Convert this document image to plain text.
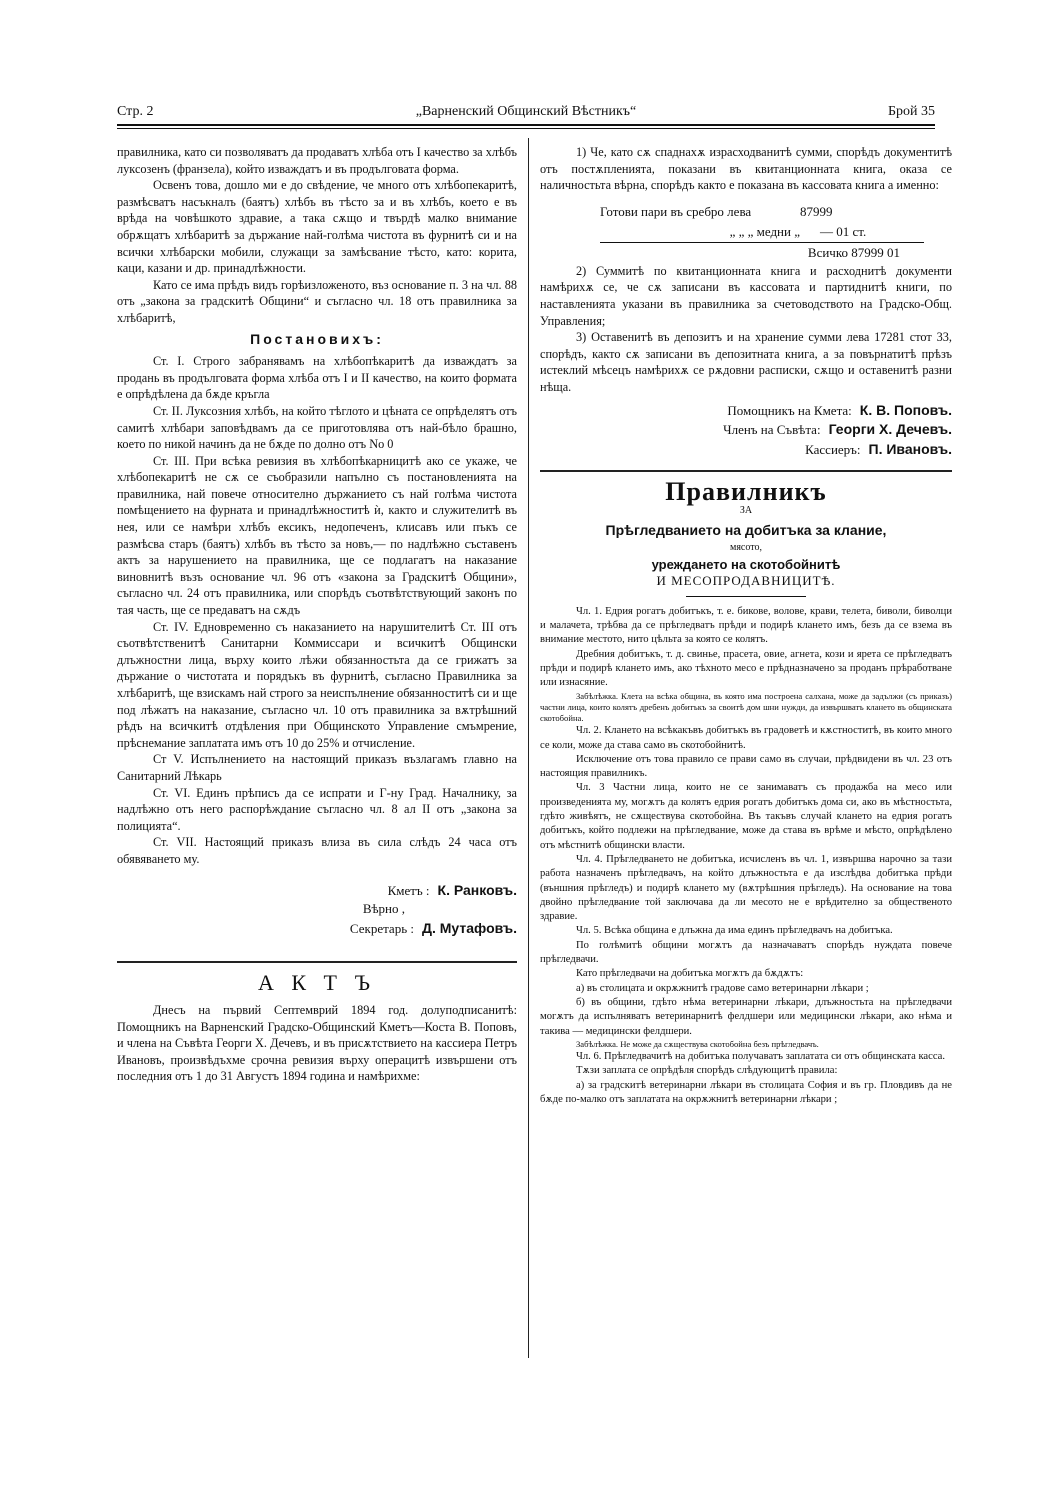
Стр. 2	„Варненский Общинский Вѣстникъ“	Брой 35

правилника, като си позволяватъ да продаватъ хлѣба отъ I качество за хлѣбъ луксозенъ (франзела), който изваждатъ и въ продълговата форма.

Освенъ това, дошло ми е до свѣдение, че много отъ хлѣбопекаритѣ, размѣсватъ насъкналъ (баятъ) хлѣбъ въ тѣсто за и въ хлѣбъ, което е въ врѣда на човѣшкото здравие, а така сѫщо и твърдѣ малко внимание обрѫщатъ хлѣбаритѣ за държание най-голѣма чистота въ фурнитѣ си и на всички хлѣбарски мобили, служащи за замѣсвание тѣсто, като: корита, каци, казани и др. принадлѣжности.

Като се има прѣдъ видъ горѣизложеното, въз основание п. 3 на чл. 88 отъ „закона за градскитѣ Общини“ и съгласно чл. 18 отъ правилника за хлѣбаритѣ,

Постановихъ:

Ст. I. Строго забранявамъ на хлѣбопѣкаритѣ да изваждатъ за продань въ продълговата форма хлѣба отъ I и II качество, на които формата е опрѣдѣлена да бѫде кръгла

Ст. II. Луксозния хлѣбъ, на който тѣглото и цѣната се опрѣделятъ отъ самитѣ хлѣбари заповѣдвамъ да се приготовлява отъ най-бѣло брашно, което по никой начинъ да не бѫде по долно отъ No 0

Ст. III. При всѣка ревизия въ хлѣбопѣкарницитѣ ако се укаже, че хлѣбопекаритѣ не сѫ се съобразили напълно съ постановленията на правилника, най повече относително държанието съ най голѣма чистота помѣщението на фурната и принадлѣжноститѣ ѝ, както и служителитѣ въ нея, или се намѣри хлѣбъ ексикъ, недопеченъ, клисавъ или пъкъ се размѣсва старъ (баятъ) хлѣбъ въ тѣсто за новъ,— по надлѣжно съставенъ актъ за нарушението на правилника, ще се подлагатъ на наказание виновнитѣ възъ основание чл. 96 отъ «закона за Градскитѣ Общини», съгласно чл. 24 отъ правилника, или спорѣдъ съотвѣтствующий законъ по тая часть, ще се предаватъ на сѫдъ

Ст. IV. Едновременно съ наказанието на нарушителитѣ Ст. III отъ съотвѣтственитѣ Санитарни Коммиссари и всичкитѣ Общински длъжностни лица, върху които лѣжи обязанностьта да се грижатъ за държание о чистотата и порядъкъ въ фурнитѣ, съгласно Правилника за хлѣбаритѣ, ще взискамъ най строго за неиспълнение обязанноститѣ си и ще под лѣжатъ на наказание, съгласно чл. 10 отъ правилника за вѫтрѣшний рѣдъ на всичкитѣ отдѣления при Общинското Управление смъмрение, прѣснемание заплатата имъ отъ 10 до 25% и отчисление.

Ст V. Испълнението на настоящий приказъ възлагамъ главно на Санитарний Лѣкарь

Ст. VI. Единъ прѣписъ да се испрати и Г-ну Град. Началнику, за надлѣжно отъ него распорѣждание съгласно чл. 8 ал II отъ „закона за полицията“.

Ст. VII. Настоящий приказъ влиза въ сила слѣдъ 24 часа отъ обявяването му.

Кметъ : К. Ранковъ.
Вѣрно ,
Секретарь : Д. Мутафовъ.
А К Т Ъ

Днесъ на първий Септемврий 1894 год. долуподписанитѣ: Помощникъ на Варненский Градско-Общинский Кметъ—Коста В. Поповъ, и члена на Съвѣта Георги Х. Дечевъ, и въ присѫтствието на кассиера Петръ Ивановъ, произвѣдъхме срочна ревизия върху операцитѣ извършени отъ последния отъ 1 до 31 Августъ 1894 година и намѣрихме:

1) Че, като сѫ спаднахѫ израсходванитѣ сумми, спорѣдъ документитѣ отъ постѫпленията, показани въ квитанционната книга, оказа се наличностьта вѣрна, спорѣдъ както е показана въ кассовата книга а именно:

Готови пари въ сребро лева	87999
„ „ „ медни „	— 01 ст.
Всичко 87999 01

2) Суммитѣ по квитанционната книга и расходнитѣ документи намѣрихѫ се, че сѫ записани въ кассовата и партиднитѣ книги, по наставленията указани въ правилника за счетоводството на Градско-Общ. Управления;

3) Оставенитѣ въ депозитъ и на хранение сумми лева 17281 стот 33, спорѣдъ, както сѫ записани въ депозитната книга, а за повърнатитѣ прѣзъ истеклий мѣсецъ намѣрихѫ се рѫдовни расписки, сѫщо и оставенитѣ разни нѣща.

Помощникъ на Кмета: К. В. Поповъ.
Членъ на Съвѣта: Георги Х. Дечевъ.
Кассиеръ: П. Ивановъ.
Правилникъ
ЗА
Прѣгледванието на добитъка за клание,
мясото,
уреждането на скотобойнитѣ
И МЕСОПРОДАВНИЦИТѢ.

Чл. 1. Едрия рогатъ добитъкъ, т. е. бикове, волове, крави, телета, биволи, биволци и малачета, трѣбва да се прѣгледватъ прѣди и подирѣ клането имъ, безъ да се взема въ внимание местото, нито цѣльта за която се колятъ.

Дребния добитъкъ, т. д. свинье, прасета, овие, агнета, кози и ярета се прѣгледватъ прѣди и подирѣ клането имъ, ако тѣхното месо е прѣдназначено за проданъ прѣработване или изнасяние.

Забѣлѣжка. Клета на всѣка община, въ която има построена салхана, може да задължи (съ приказъ) частни лица, които колятъ дребенъ добитъкъ за своитѣ дом шни нужди, да извършватъ клането въ общинската скотобойна.

Чл. 2. Клането на всѣкакъвъ добитъкъ въ градоветѣ и кѫстноститѣ, въ които много се коли, може да става само въ скотобойнитѣ.

Исключение отъ това правило се прави само въ случаи, прѣдвидени въ чл. 23 отъ настоящия правилникъ.

Чл. 3 Частни лица, които не се занимаватъ съ продажба на месо или произведенията му, могѫтъ да колятъ едрия рогатъ добитъкъ дома си, ако въ мѣстностьта, гдѣто живѣятъ, не сѫществува скотобойна. Въ такъвъ случай клането на едрия рогатъ добитъкъ, който подлежи на прѣгледвание, може да става въ врѣме и мѣсто, опрѣдѣлено отъ мѣстнитѣ общински власти.

Чл. 4. Прѣгледването не добитъка, исчисленъ въ чл. 1, извършва нарочно за тази работа назначенъ прѣгледвачъ, на който длъжностьта е да изслѣдва добитъка прѣди (външния прѣгледъ) и подирѣ клането му (вѫтрѣшния прѣгледъ). На основание на това двойно прѣгледвание той заключава да ли месото не е врѣдително за общественото здравие.

Чл. 5. Всѣка община е длъжна да има единъ прѣгледвачъ на добитъка.

По голѣмитѣ общини могѫтъ да назначаватъ спорѣдъ нуждата повече прѣгледвачи.

Като прѣгледвачи на добитъка могѫтъ да бѫдѫтъ:

а) въ столицата и окрѫжнитѣ градове само ветеринарни лѣкари ;

б) въ общини, гдѣто нѣма ветеринарни лѣкари, длъжностьта на прѣгледвачи могѫтъ да испълняватъ ветеринарнитѣ фелдшери или медицински лѣкари, ако нѣма и такива — медицински фелдшери.

Забѣлѣжка. Не може да сѫществува скотобойна безъ прѣгледвачъ.

Чл. 6. Прѣгледвачитѣ на добитъка получаватъ заплатата си отъ общинската касса.

Тѫзи заплата се опрѣдѣля спорѣдъ слѣдующитѣ правила:

а) за градскитѣ ветеринарни лѣкари въ столицата София и въ гр. Пловдивъ да не бѫде по-малко отъ заплатата на окрѫжнитѣ ветеринарни лѣкари ;
